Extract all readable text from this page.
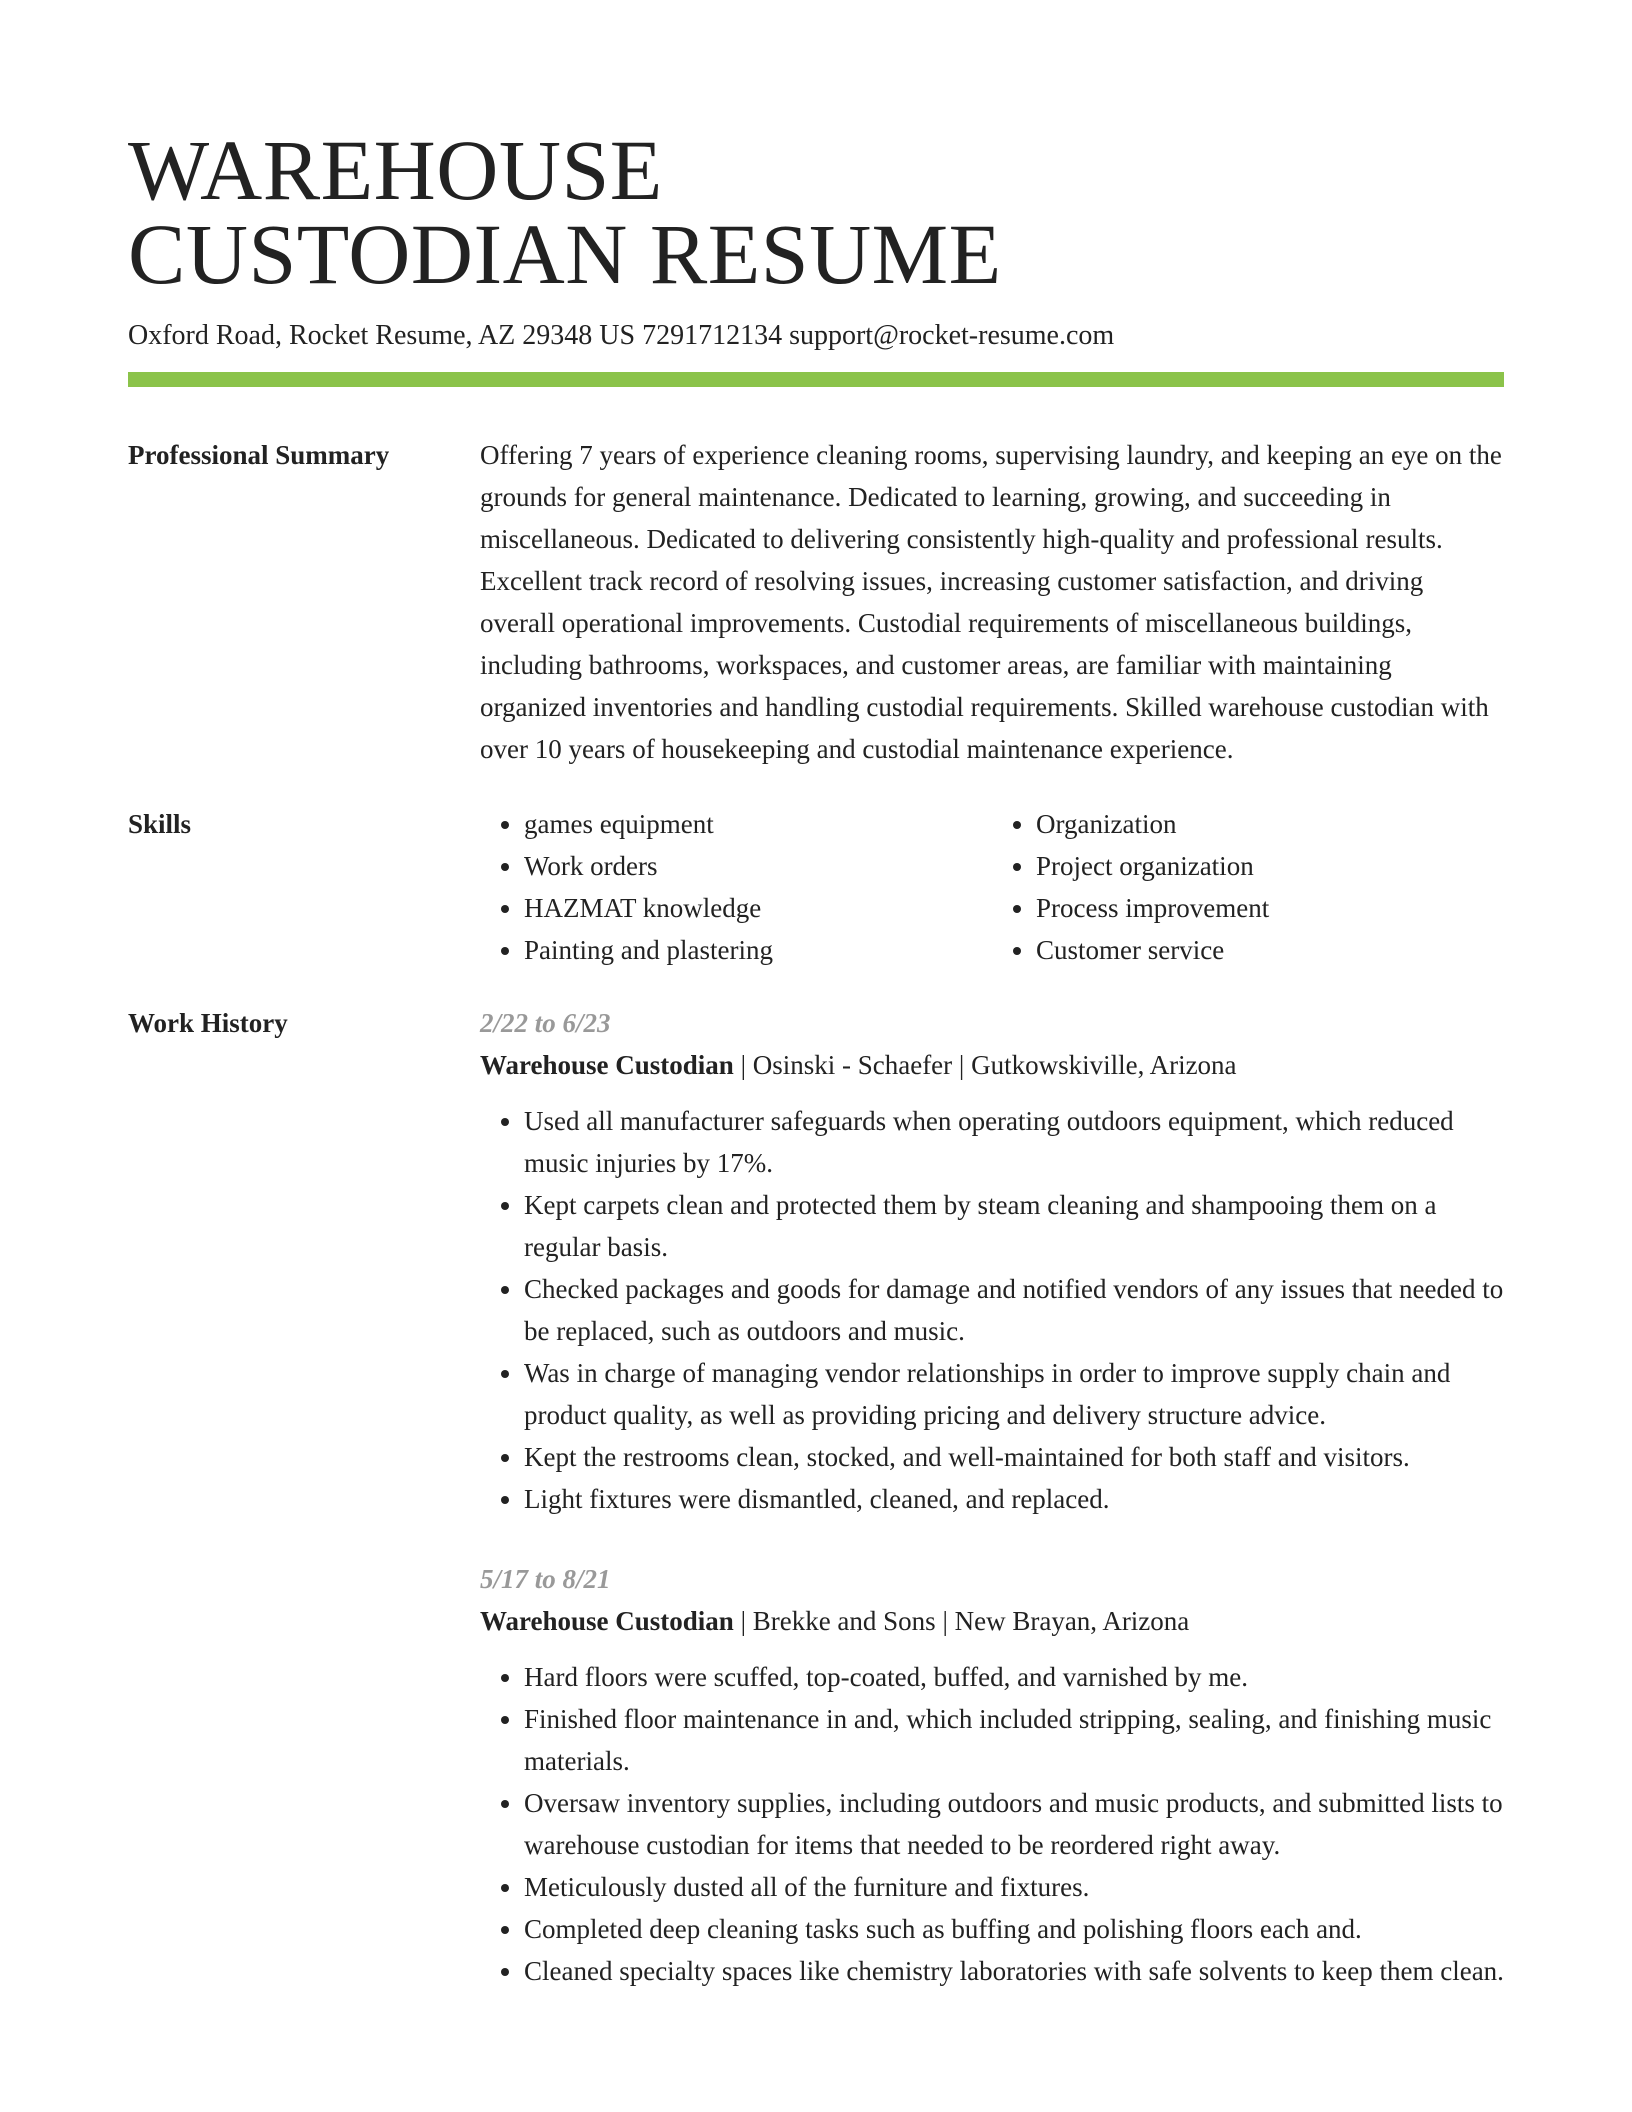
WAREHOUSE
CUSTODIAN RESUME
Oxford Road, Rocket Resume, AZ 29348 US 7291712134 support@rocket-resume.com
Professional Summary	Offering 7 years of experience cleaning rooms, supervising laundry, and keeping an eye on the grounds for general maintenance. Dedicated to learning, growing, and succeeding in miscellaneous. Dedicated to delivering consistently high-quality and professional results. Excellent track record of resolving issues, increasing customer satisfaction, and driving overall operational improvements. Custodial requirements of miscellaneous buildings, including bathrooms, workspaces, and customer areas, are familiar with maintaining organized inventories and handling custodial requirements. Skilled warehouse custodian with over 10 years of housekeeping and custodial maintenance experience.

Skills
•	games equipment
• Work orders
• HAZMAT knowledge
• Painting and plastering
• Organization
• Project organization
• Process improvement
• Customer service
Work History	2/22 to 6/23
Warehouse Custodian | Osinski - Schaefer | Gutkowskiville, Arizona
• Used all manufacturer safeguards when operating outdoors equipment, which reduced music injuries by 17%.
• Kept carpets clean and protected them by steam cleaning and shampooing them on a regular basis.
• Checked packages and goods for damage and notified vendors of any issues that needed to be replaced, such as outdoors and music.
• Was in charge of managing vendor relationships in order to improve supply chain and product quality, as well as providing pricing and delivery structure advice.
• Kept the restrooms clean, stocked, and well-maintained for both staff and visitors.
• Light fixtures were dismantled, cleaned, and replaced.
5/17 to 8/21
Warehouse Custodian | Brekke and Sons | New Brayan, Arizona
• Hard floors were scuffed, top-coated, buffed, and varnished by me.
• Finished floor maintenance in and, which included stripping, sealing, and finishing music materials.
• Oversaw inventory supplies, including outdoors and music products, and submitted lists to warehouse custodian for items that needed to be reordered right away.
• Meticulously dusted all of the furniture and fixtures.
• Completed deep cleaning tasks such as buffing and polishing floors each and.
• Cleaned specialty spaces like chemistry laboratories with safe solvents to keep them clean.
